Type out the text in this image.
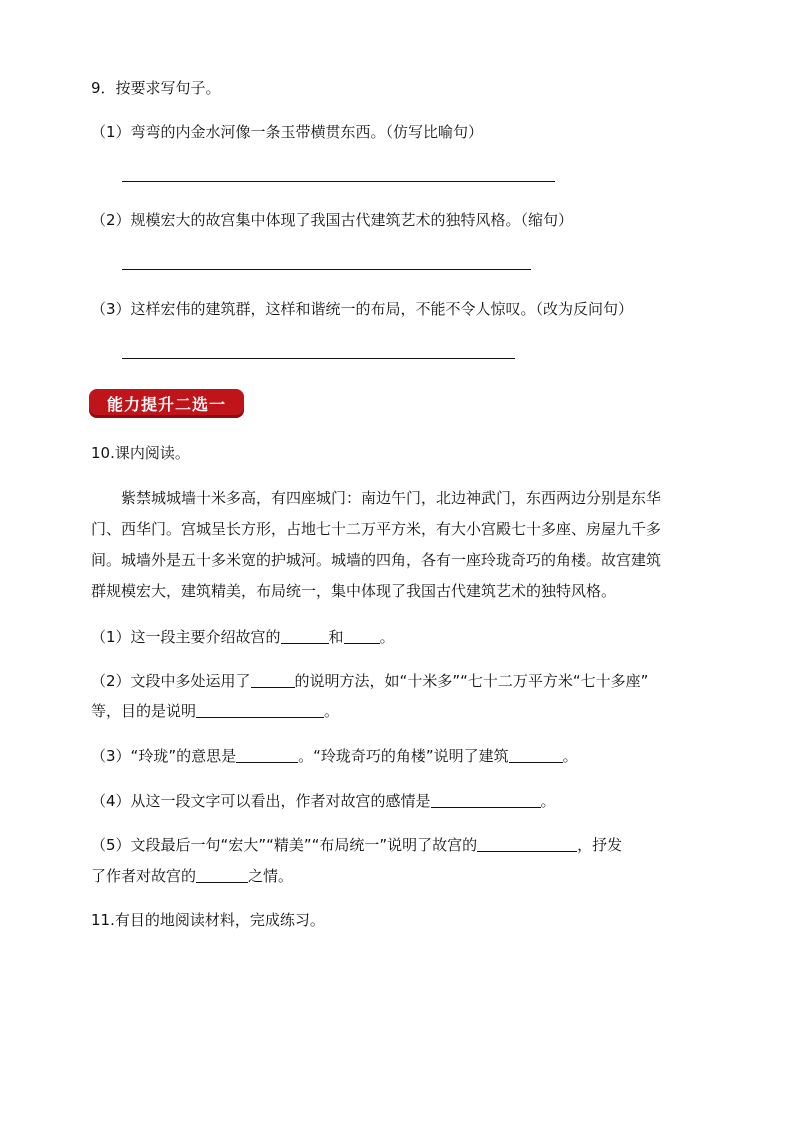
9．按要求写句子。
（1）弯弯的内金水河像一条玉带横贯东西。（仿写比喻句）
（2）规模宏大的故宫集中体现了我国古代建筑艺术的独特风格。（缩句）
（3）这样宏伟的建筑群，这样和谐统一的布局，不能不令人惊叹。（改为反问句）
能力提升二选一
10.课内阅读。

紫禁城城墙十米多高，有四座城门：南边午门，北边神武门，东西两边分别是东华

门、西华门。宫城呈长方形，占地七十二万平方米，有大小宫殿七十多座、房屋九千多

间。城墙外是五十多米宽的护城河。城墙的四角，各有一座玲珑奇巧的角楼。故宫建筑

群规模宏大，建筑精美，布局统一，集中体现了我国古代建筑艺术的独特风格。

（1）这一段主要介绍故宫的	和 。
（2）文段中多处运用了	的说明方法，如“十米多”“七十二万平方米“七十多座”
等，目的是说明	。
（3）“玲珑”的意思是	。“玲珑奇巧的角楼”说明了建筑	。
（4）从这一段文字可以看出，作者对故宫的感情是	。
（5）文段最后一句“宏大”“精美”“布局统一”说明了故宫的	，抒发
了作者对故宫的	之情。
11.有目的地阅读材料，完成练习。
